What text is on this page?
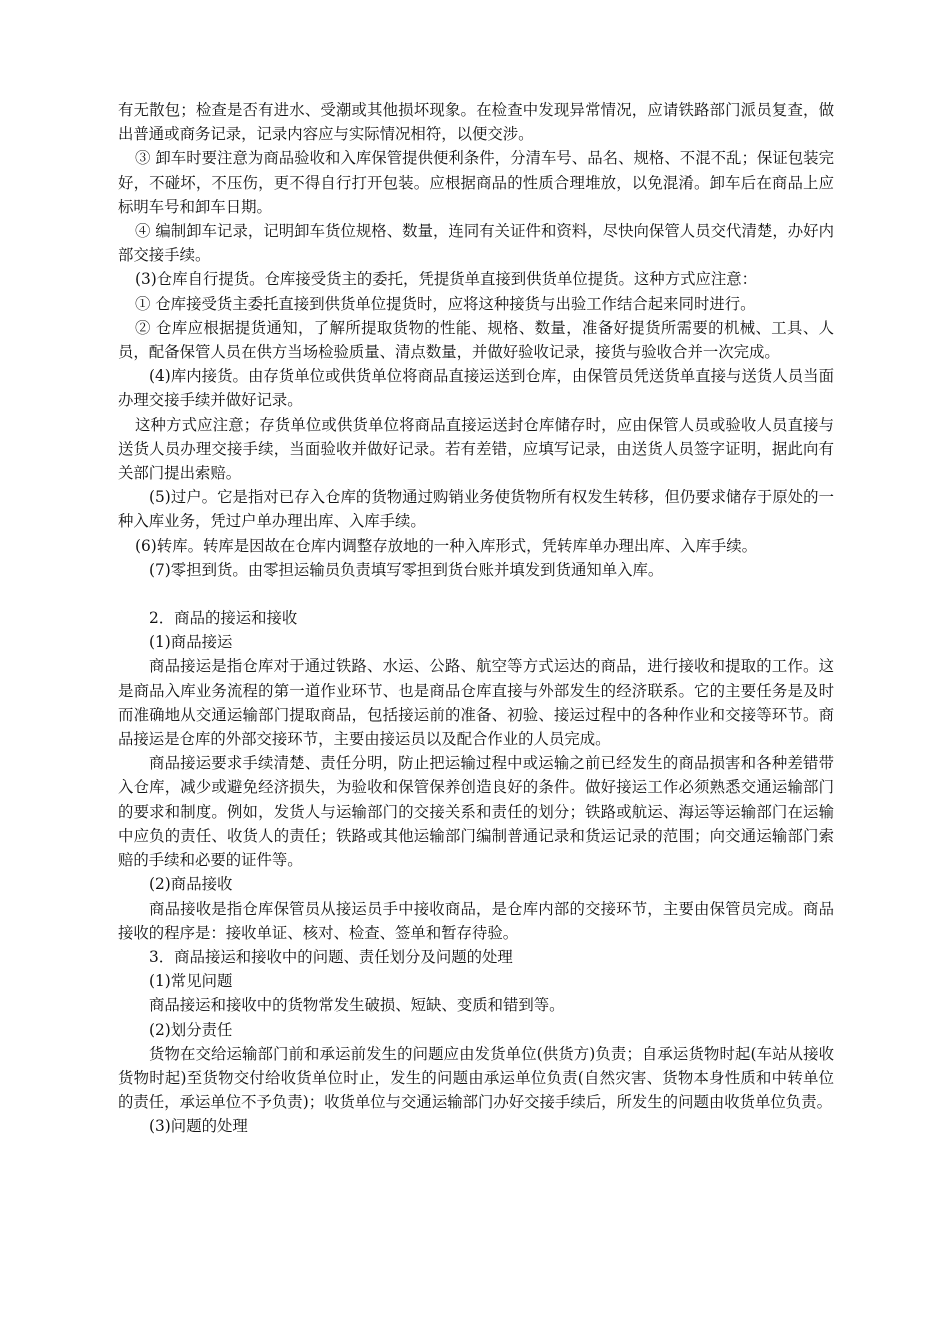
有无散包；检查是否有进水、受潮或其他损坏现象。在检查中发现异常情况，应请铁路部门派员复查，做出普通或商务记录，记录内容应与实际情况相符，以便交涉。

③ 卸车时要注意为商品验收和入库保管提供便利条件，分清车号、品名、规格、不混不乱；保证包装完好，不碰坏，不压伤，更不得自行打开包装。应根据商品的性质合理堆放，以免混淆。卸车后在商品上应标明车号和卸车日期。

④ 编制卸车记录，记明卸车货位规格、数量，连同有关证件和资料，尽快向保管人员交代清楚，办好内部交接手续。

(3)仓库自行提货。仓库接受货主的委托，凭提货单直接到供货单位提货。这种方式应注意：

① 仓库接受货主委托直接到供货单位提货时，应将这种接货与出验工作结合起来同时进行。

② 仓库应根据提货通知，了解所提取货物的性能、规格、数量，准备好提货所需要的机械、工具、人员，配备保管人员在供方当场检验质量、清点数量，并做好验收记录，接货与验收合并一次完成。

(4)库内接货。由存货单位或供货单位将商品直接运送到仓库，由保管员凭送货单直接与送货人员当面办理交接手续并做好记录。

这种方式应注意；存货单位或供货单位将商品直接运送封仓库储存时，应由保管人员或验收人员直接与送货人员办理交接手续，当面验收并做好记录。若有差错，应填写记录，由送货人员签字证明，据此向有关部门提出索赔。

(5)过户。它是指对已存入仓库的货物通过购销业务使货物所有权发生转移，但仍要求储存于原处的一种入库业务，凭过户单办理出库、入库手续。

(6)转库。转库是因故在仓库内调整存放地的一种入库形式，凭转库单办理出库、入库手续。

(7)零担到货。由零担运输员负责填写零担到货台账并填发到货通知单入库。

2．商品的接运和接收

(1)商品接运

商品接运是指仓库对于通过铁路、水运、公路、航空等方式运达的商品，进行接收和提取的工作。这是商品入库业务流程的第一道作业环节、也是商品仓库直接与外部发生的经济联系。它的主要任务是及时而准确地从交通运输部门提取商品，包括接运前的准备、初验、接运过程中的各种作业和交接等环节。商品接运是仓库的外部交接环节，主要由接运员以及配合作业的人员完成。

商品接运要求手续清楚、责任分明，防止把运输过程中或运输之前已经发生的商品损害和各种差错带入仓库，减少或避免经济损失，为验收和保管保养创造良好的条件。做好接运工作必须熟悉交通运输部门的要求和制度。例如，发货人与运输部门的交接关系和责任的划分；铁路或航运、海运等运输部门在运输中应负的责任、收货人的责任；铁路或其他运输部门编制普通记录和货运记录的范围；向交通运输部门索赔的手续和必要的证件等。

(2)商品接收

商品接收是指仓库保管员从接运员手中接收商品，是仓库内部的交接环节，主要由保管员完成。商品接收的程序是：接收单证、核对、检查、签单和暂存待验。

3．商品接运和接收中的问题、责任划分及问题的处理

(1)常见问题

商品接运和接收中的货物常发生破损、短缺、变质和错到等。

(2)划分责任

货物在交给运输部门前和承运前发生的问题应由发货单位(供货方)负责；自承运货物时起(车站从接收货物时起)至货物交付给收货单位时止，发生的问题由承运单位负责(自然灾害、货物本身性质和中转单位的责任，承运单位不予负责)；收货单位与交通运输部门办好交接手续后，所发生的问题由收货单位负责。

(3)问题的处理
